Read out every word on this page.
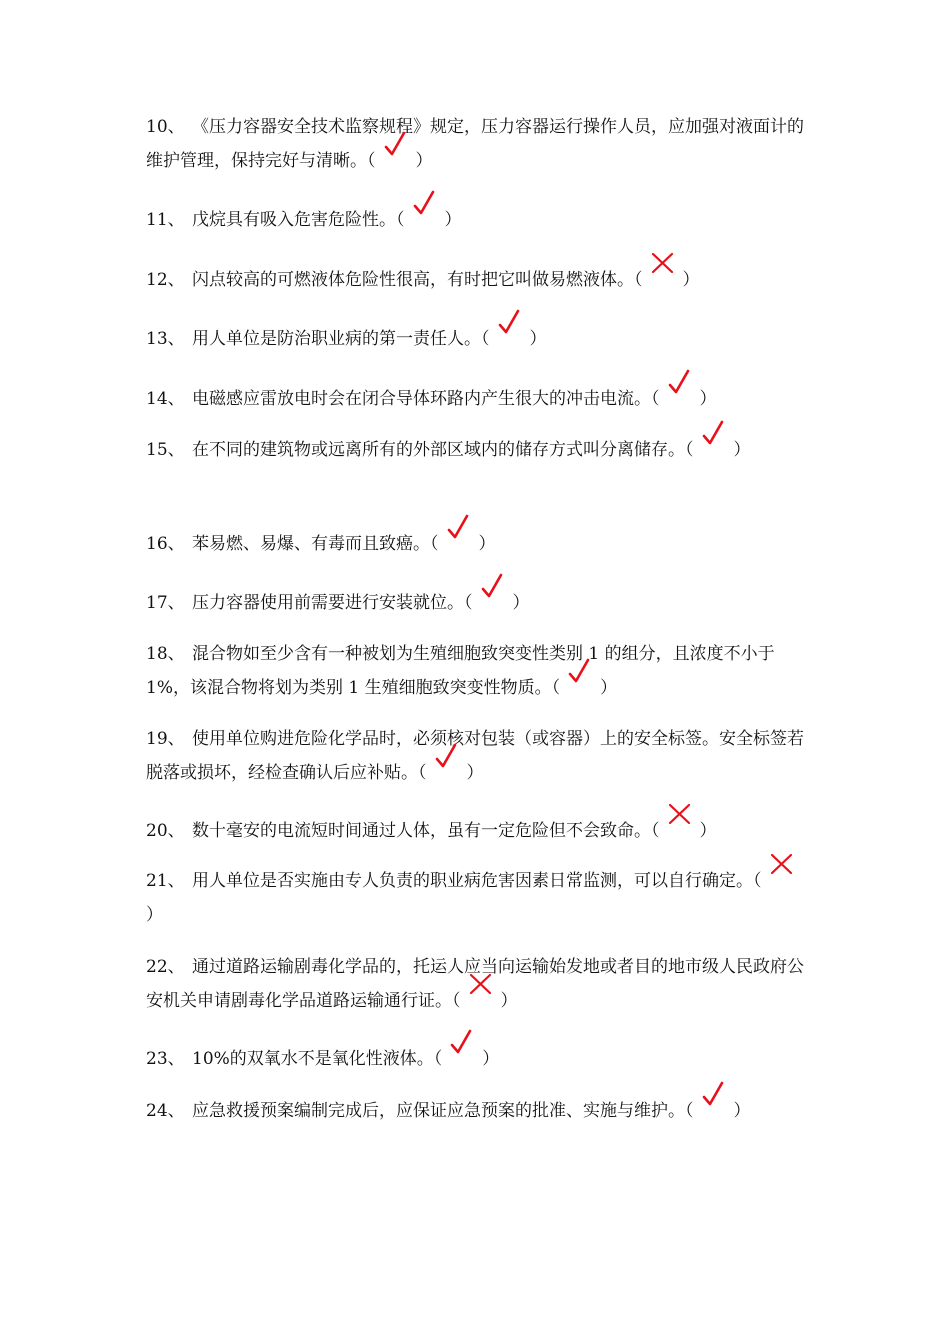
10、 《压力容器安全技术监察规程》规定，压力容器运行操作人员，应加强对液面计的维护管理，保持完好与清晰。（ ）
11、 戊烷具有吸入危害危险性。（ ）
12、 闪点较高的可燃液体危险性很高，有时把它叫做易燃液体。（ ）
13、 用人单位是防治职业病的第一责任人。（ ）
14、 电磁感应雷放电时会在闭合导体环路内产生很大的冲击电流。（ ）
15、 在不同的建筑物或远离所有的外部区域内的储存方式叫分离储存。（ ）
16、 苯易燃、易爆、有毒而且致癌。（ ）
17、 压力容器使用前需要进行安装就位。（ ）
18、 混合物如至少含有一种被划为生殖细胞致突变性类别 1 的组分，且浓度不小于 1%，该混合物将划为类别 1 生殖细胞致突变性物质。（ ）
19、 使用单位购进危险化学品时，必须核对包装（或容器）上的安全标签。安全标签若脱落或损坏，经检查确认后应补贴。（ ）
20、 数十毫安的电流短时间通过人体，虽有一定危险但不会致命。（ ）
21、 用人单位是否实施由专人负责的职业病危害因素日常监测，可以自行确定。（
）
22、 通过道路运输剧毒化学品的，托运人应当向运输始发地或者目的地市级人民政府公安机关申请剧毒化学品道路运输通行证。（ ）
23、 10%的双氧水不是氧化性液体。（ ）
24、 应急救援预案编制完成后，应保证应急预案的批准、实施与维护。（ ）
